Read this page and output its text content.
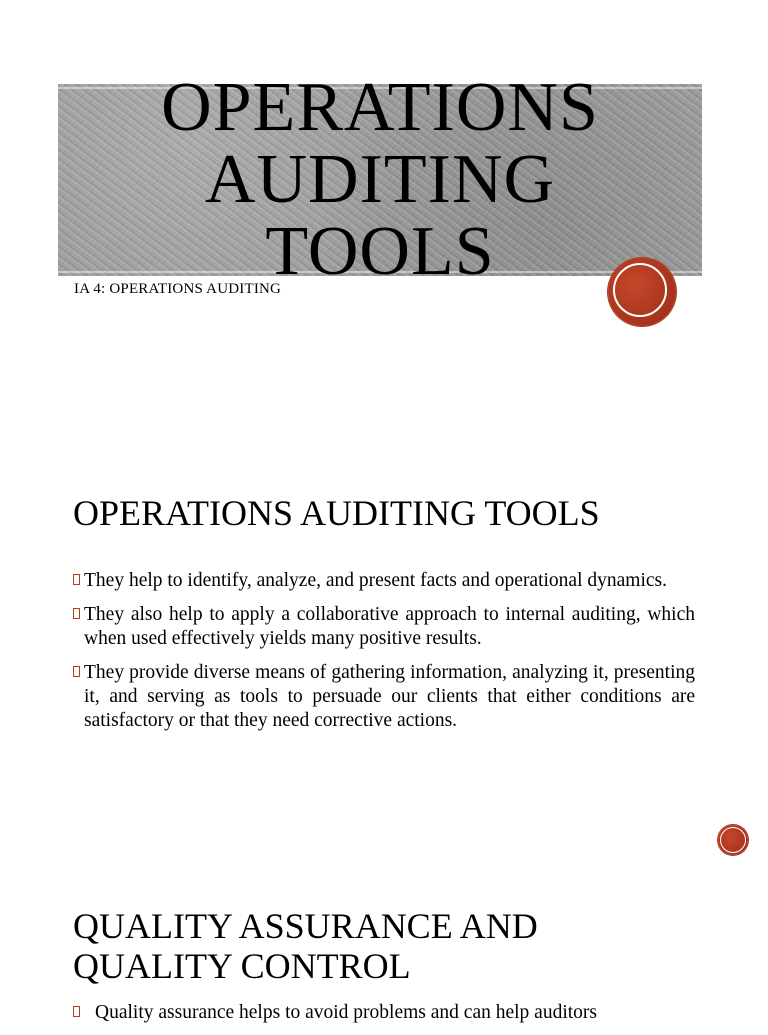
OPERATIONS
AUDITING
TOOLS
IA 4: OPERATIONS AUDITING
OPERATIONS AUDITING TOOLS
They help to identify, analyze, and present facts and operational dynamics.
They also help to apply a collaborative approach to internal auditing, which when used effectively yields many positive results.
They provide diverse means of gathering information, analyzing it, presenting it, and serving as tools to persuade our clients that either conditions are satisfactory or that they need corrective actions.
QUALITY ASSURANCE AND
QUALITY CONTROL
Quality assurance helps to avoid problems and can help auditors
